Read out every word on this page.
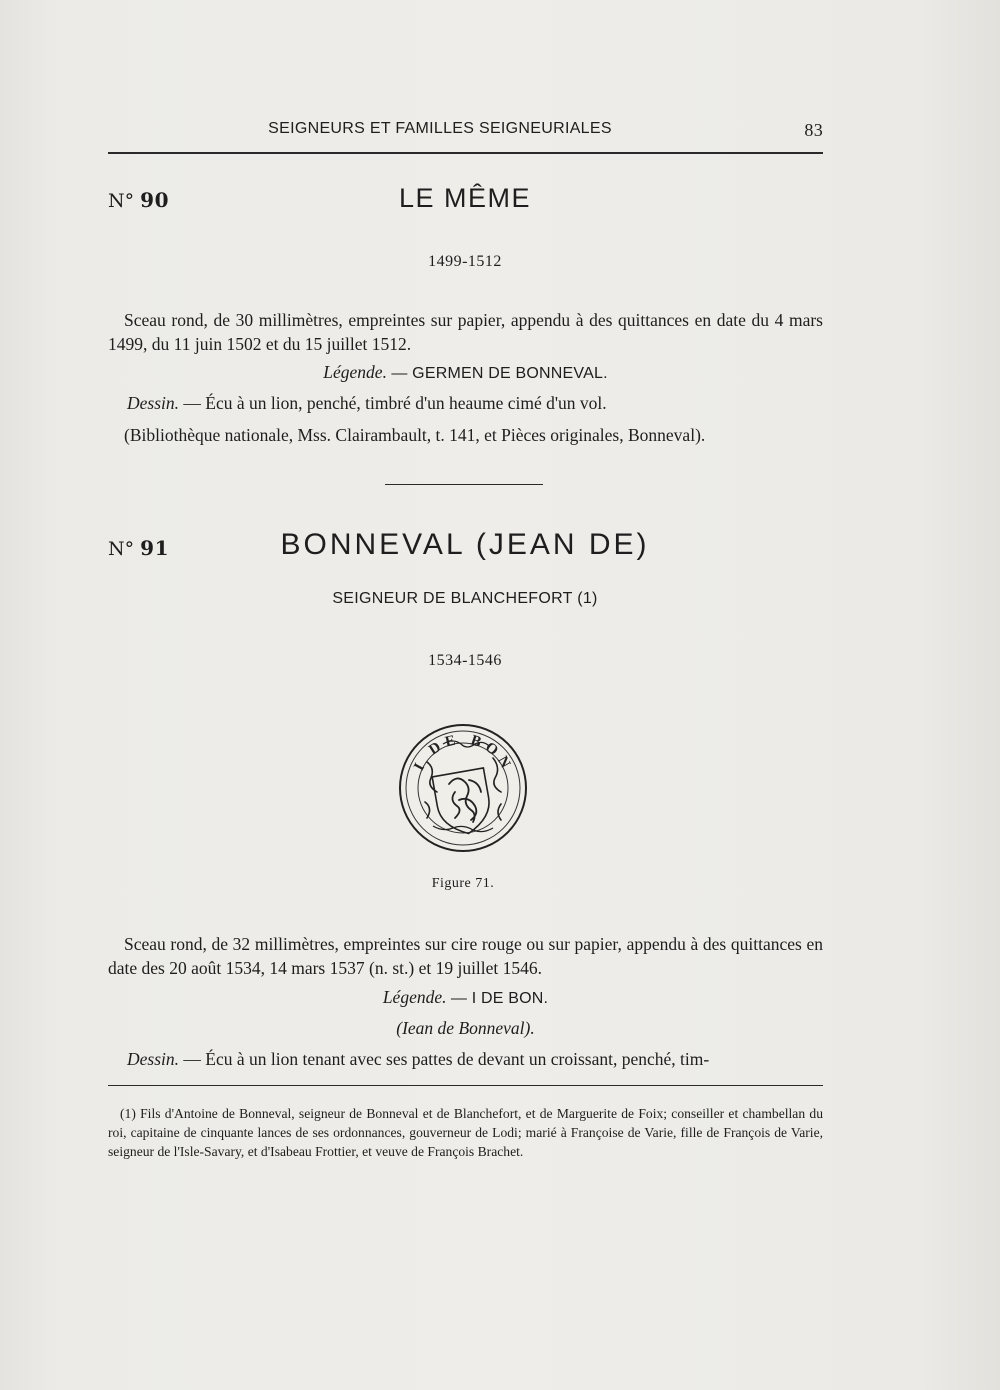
SEIGNEURS ET FAMILLES SEIGNEURIALES	83
N° 90	LE MÊME
1499-1512
Sceau rond, de 30 millimètres, empreintes sur papier, appendu à des quittances en date du 4 mars 1499, du 11 juin 1502 et du 15 juillet 1512.
Légende. — GERMEN DE BONNEVAL.
Dessin. — Écu à un lion, penché, timbré d'un heaume cimé d'un vol.
(Bibliothèque nationale, Mss. Clairambault, t. 141, et Pièces originales, Bonneval).
N° 91	BONNEVAL (JEAN DE)
SEIGNEUR DE BLANCHEFORT (1)
1534-1546
I DE BON
Figure 71.
Sceau rond, de 32 millimètres, empreintes sur cire rouge ou sur papier, appendu à des quittances en date des 20 août 1534, 14 mars 1537 (n. st.) et 19 juillet 1546.
Légende. — I DE BON.
(Iean de Bonneval).
Dessin. — Écu à un lion tenant avec ses pattes de devant un croissant, penché, tim-
(1) Fils d'Antoine de Bonneval, seigneur de Bonneval et de Blanchefort, et de Marguerite de Foix; conseiller et chambellan du roi, capitaine de cinquante lances de ses ordonnances, gouverneur de Lodi; marié à Françoise de Varie, fille de François de Varie, seigneur de l'Isle-Savary, et d'Isabeau Frottier, et veuve de François Brachet.
